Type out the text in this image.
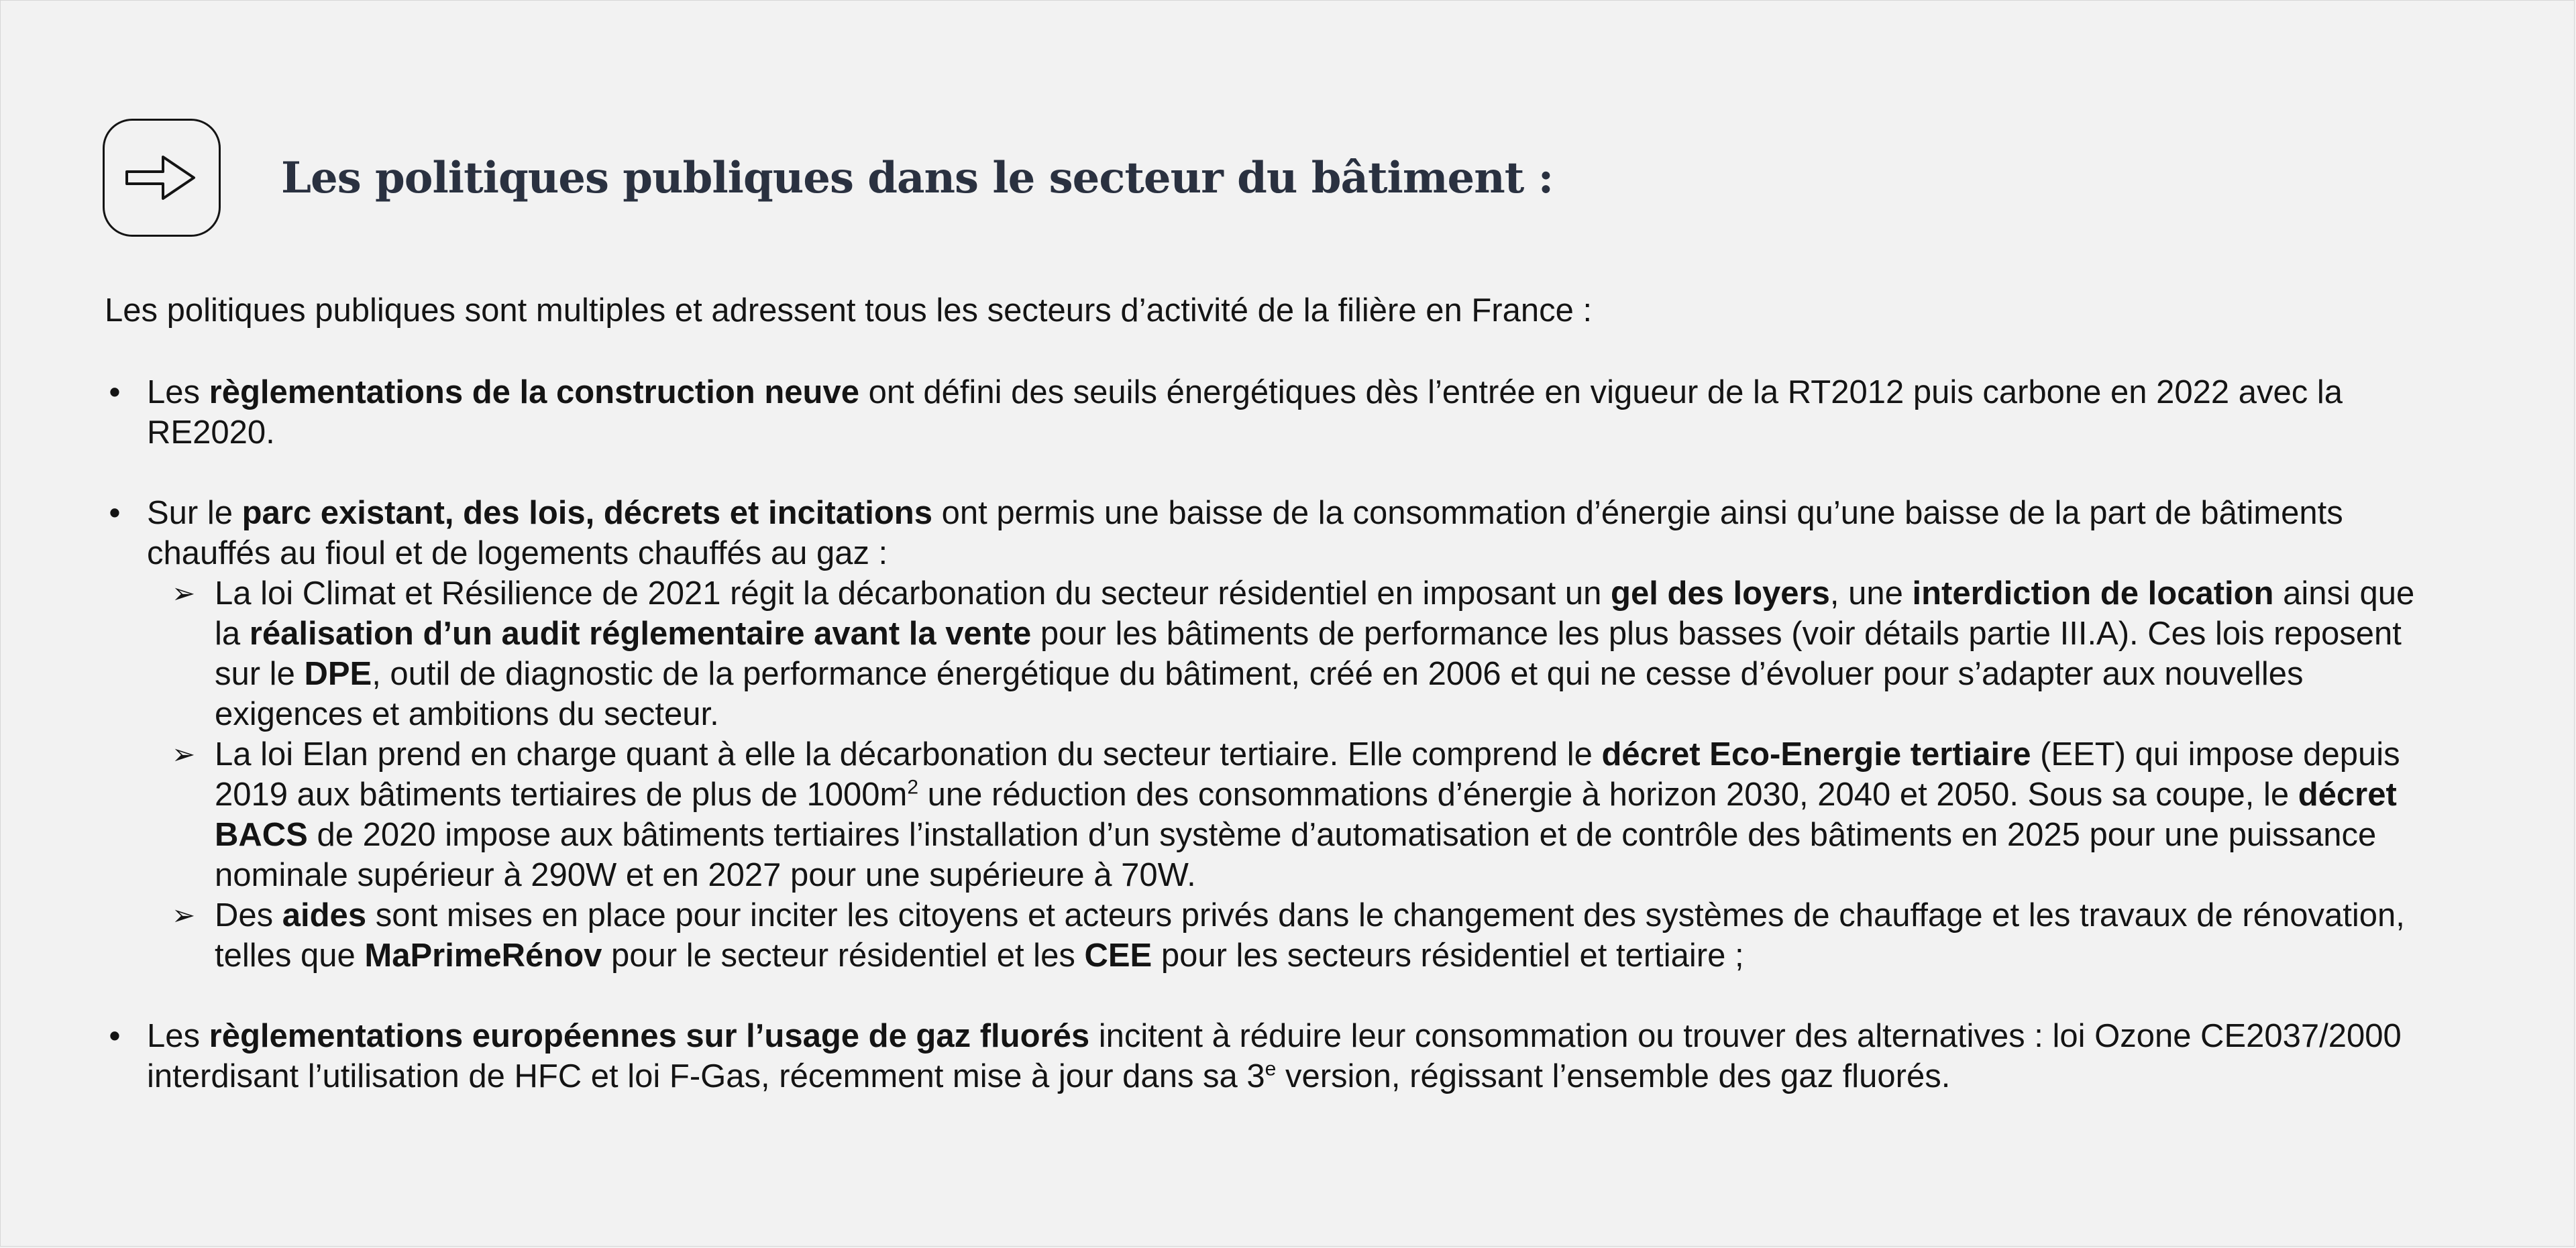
Les politiques publiques dans le secteur du bâtiment :

Les politiques publiques sont multiples et adressent tous les secteurs d’activité de la filière en France :

• Les règlementations de la construction neuve ont défini des seuils énergétiques dès l’entrée en vigueur de la RT2012 puis carbone en 2022 avec la RE2020.
• Sur le parc existant, des lois, décrets et incitations ont permis une baisse de la consommation d’énergie ainsi qu’une baisse de la part de bâtiments chauffés au fioul et de logements chauffés au gaz :
➢ La loi Climat et Résilience de 2021 régit la décarbonation du secteur résidentiel en imposant un gel des loyers, une interdiction de location ainsi que la réalisation d’un audit réglementaire avant la vente pour les bâtiments de performance les plus basses (voir détails partie III.A). Ces lois reposent sur le DPE, outil de diagnostic de la performance énergétique du bâtiment, créé en 2006 et qui ne cesse d’évoluer pour s’adapter aux nouvelles exigences et ambitions du secteur.
➢ La loi Elan prend en charge quant à elle la décarbonation du secteur tertiaire. Elle comprend le décret Eco-Energie tertiaire (EET) qui impose depuis 2019 aux bâtiments tertiaires de plus de $1000m^2$ une réduction des consommations d’énergie à horizon 2030, 2040 et 2050. Sous sa coupe, le décret BACS de 2020 impose aux bâtiments tertiaires l’installation d’un système d’automatisation et de contrôle des bâtiments en 2025 pour une puissance nominale supérieur à 290W et en 2027 pour une supérieure à 70W.
➢ Des aides sont mises en place pour inciter les citoyens et acteurs privés dans le changement des systèmes de chauffage et les travaux de rénovation, telles que MaPrimeRénov pour le secteur résidentiel et les CEE pour les secteurs résidentiel et tertiaire ;
• Les règlementations européennes sur l’usage de gaz fluorés incitent à réduire leur consommation ou trouver des alternatives : loi Ozone CE2037/2000 interdisant l’utilisation de HFC et loi F-Gas, récemment mise à jour dans sa 3e version, régissant l’ensemble des gaz fluorés.
